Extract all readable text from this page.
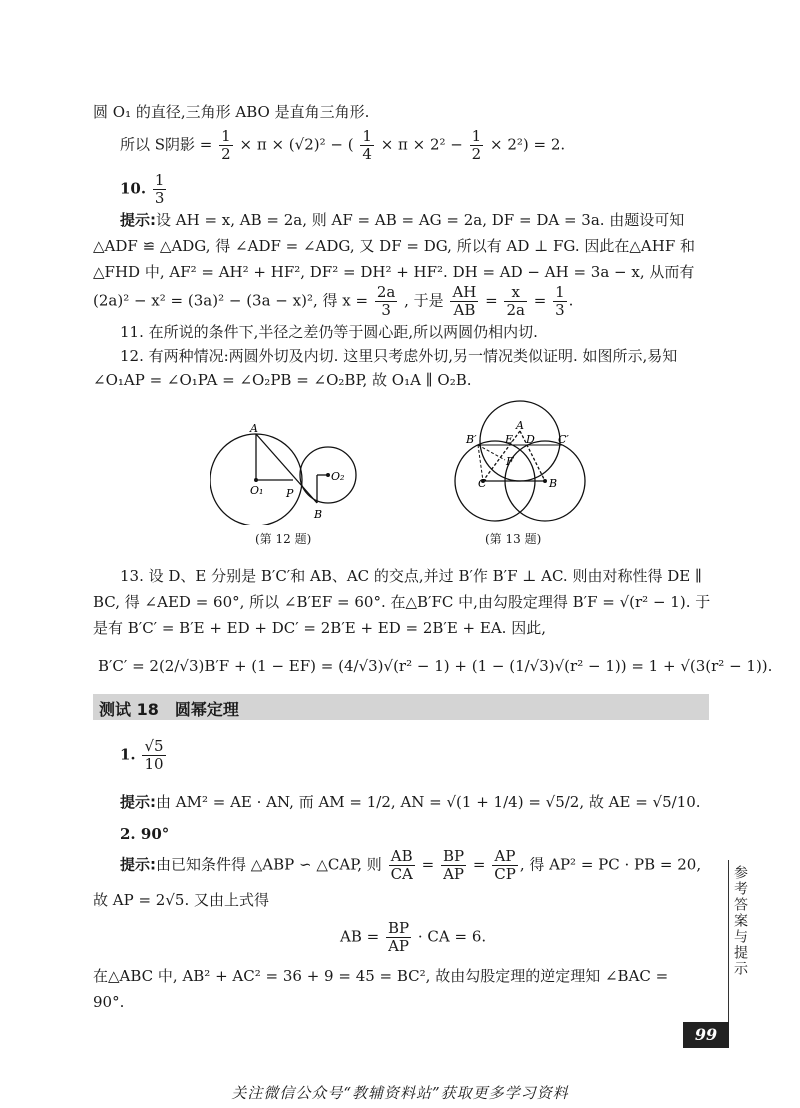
圆 O₁ 的直径,三角形 ABO 是直角三角形.
所以 S阴影 = $\frac{1}{2} \times \pi \times (√2)^2$ − ( $\frac{1}{4} \times \pi \times 2^2 - \frac{1}{2} \times 2^2) = 2$.
10. $\frac{1}{3}$
提示:设 AH = x, AB = 2a, 则 AF = AB = AG = 2a, DF = DA = 3a. 由题设可知
△ADF ≌ △ADG, 得 ∠ADF = ∠ADG, 又 DF = DG, 所以有 AD ⊥ FG. 因此在△AHF 和
△FHD 中, AF² = AH² + HF², DF² = DH² + HF². DH = AD − AH = 3a − x, 从而有
(2a)² − x² = (3a)² − (3a − x)², 得 $x = \frac{2a}{3}$ , 于是 $\frac{AH}{AB} = \frac{x}{2a} = \frac{1}{3}$ .
11. 在所说的条件下,半径之差仍等于圆心距,所以两圆仍相内切.
12. 有两种情况:两圆外切及内切. 这里只考虑外切,另一情况类似证明. 如图所示,易知
∠O₁AP = ∠O₁PA = ∠O₂PB = ∠O₂BP, 故 O₁A ∥ O₂B.
A
O₁ P
O₂
B
(第 12 题)
A
B′	E D C′
F
C	B
(第 13 题)
13. 设 D、E 分别是 B′C′和 AB、AC 的交点,并过 B′作 B′F ⊥ AC. 则由对称性得 DE ∥
BC, 得 ∠AED = 60°, 所以 ∠B′EF = 60°. 在△B′FC 中,由勾股定理得 B′F = √(r² − 1). 于
是有 B′C′ = B′E + ED + DC′ = 2B′E + ED = 2B′E + EA. 因此,
B′C′ = 2(2/√3)B′F + (1 − EF) = (4/√3)√(r² − 1) + (1 − (1/√3)√(r² − 1)) = 1 + √(3(r² − 1)).
测试 18　圆幂定理
1. $\frac{√5}{10}$
提示:由 AM² = AE · AN, 而 AM = 1/2, AN = √(1 + 1/4) = √5/2, 故 AE = √5/10.
2. 90°
提示:由已知条件得 △ABP ∽ △CAP, 则 $\frac{AB}{CA} = \frac{BP}{AP} = \frac{AP}{CP}$ , 得 AP² = PC · PB = 20,
故 AP = 2√5. 又由上式得
AB = $\frac{BP}{AP}$ · CA = 6.
在△ABC 中, AB² + AC² = 36 + 9 = 45 = BC², 故由勾股定理的逆定理知 ∠BAC =
90°.
参考答案与提示
99
关注微信公众号“教辅资料站”获取更多学习资料
